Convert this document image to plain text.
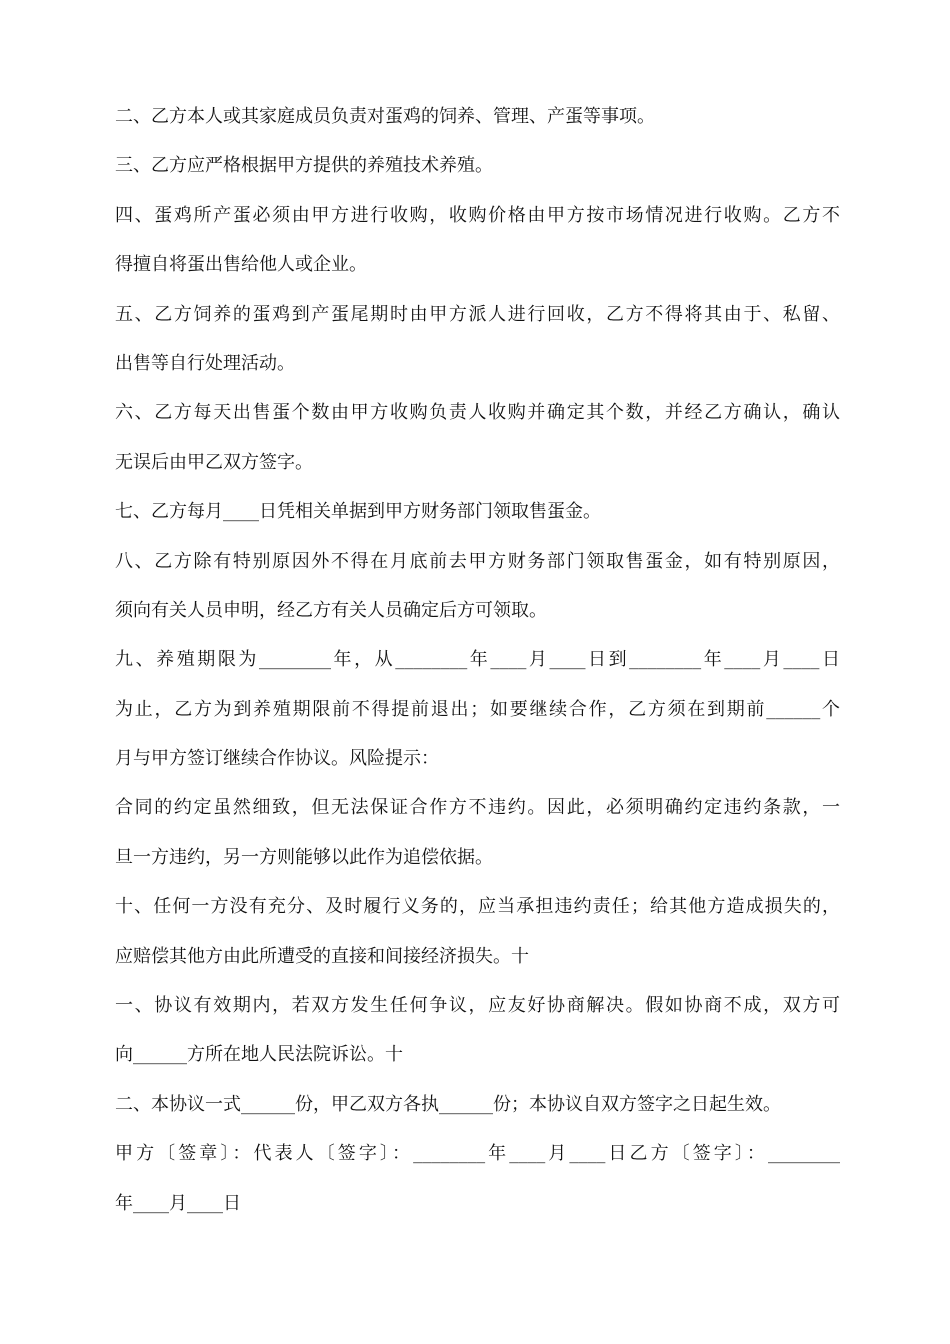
二、乙方本人或其家庭成员负责对蛋鸡的饲养、管理、产蛋等事项。
三、乙方应严格根据甲方提供的养殖技术养殖。
四、蛋鸡所产蛋必须由甲方进行收购，收购价格由甲方按市场情况进行收购。乙方不
得擅自将蛋出售给他人或企业。
五、乙方饲养的蛋鸡到产蛋尾期时由甲方派人进行回收，乙方不得将其由于、私留、
出售等自行处理活动。
六、乙方每天出售蛋个数由甲方收购负责人收购并确定其个数，并经乙方确认，确认
无误后由甲乙双方签字。
七、乙方每月____日凭相关单据到甲方财务部门领取售蛋金。
八、乙方除有特别原因外不得在月底前去甲方财务部门领取售蛋金，如有特别原因，
须向有关人员申明，经乙方有关人员确定后方可领取。
九、养殖期限为________年，从________年____月____日到________年____月____日
为止，乙方为到养殖期限前不得提前退出；如要继续合作，乙方须在到期前______个
月与甲方签订继续合作协议。风险提示：
合同的约定虽然细致，但无法保证合作方不违约。因此，必须明确约定违约条款，一
旦一方违约，另一方则能够以此作为追偿依据。
十、任何一方没有充分、及时履行义务的，应当承担违约责任；给其他方造成损失的，
应赔偿其他方由此所遭受的直接和间接经济损失。十
一、协议有效期内，若双方发生任何争议，应友好协商解决。假如协商不成，双方可
向______方所在地人民法院诉讼。十
二、本协议一式______份，甲乙双方各执______份；本协议自双方签字之日起生效。
甲方〔签章〕：代表人〔签字〕：________年____月____日乙方〔签字〕：________
年____月____日
